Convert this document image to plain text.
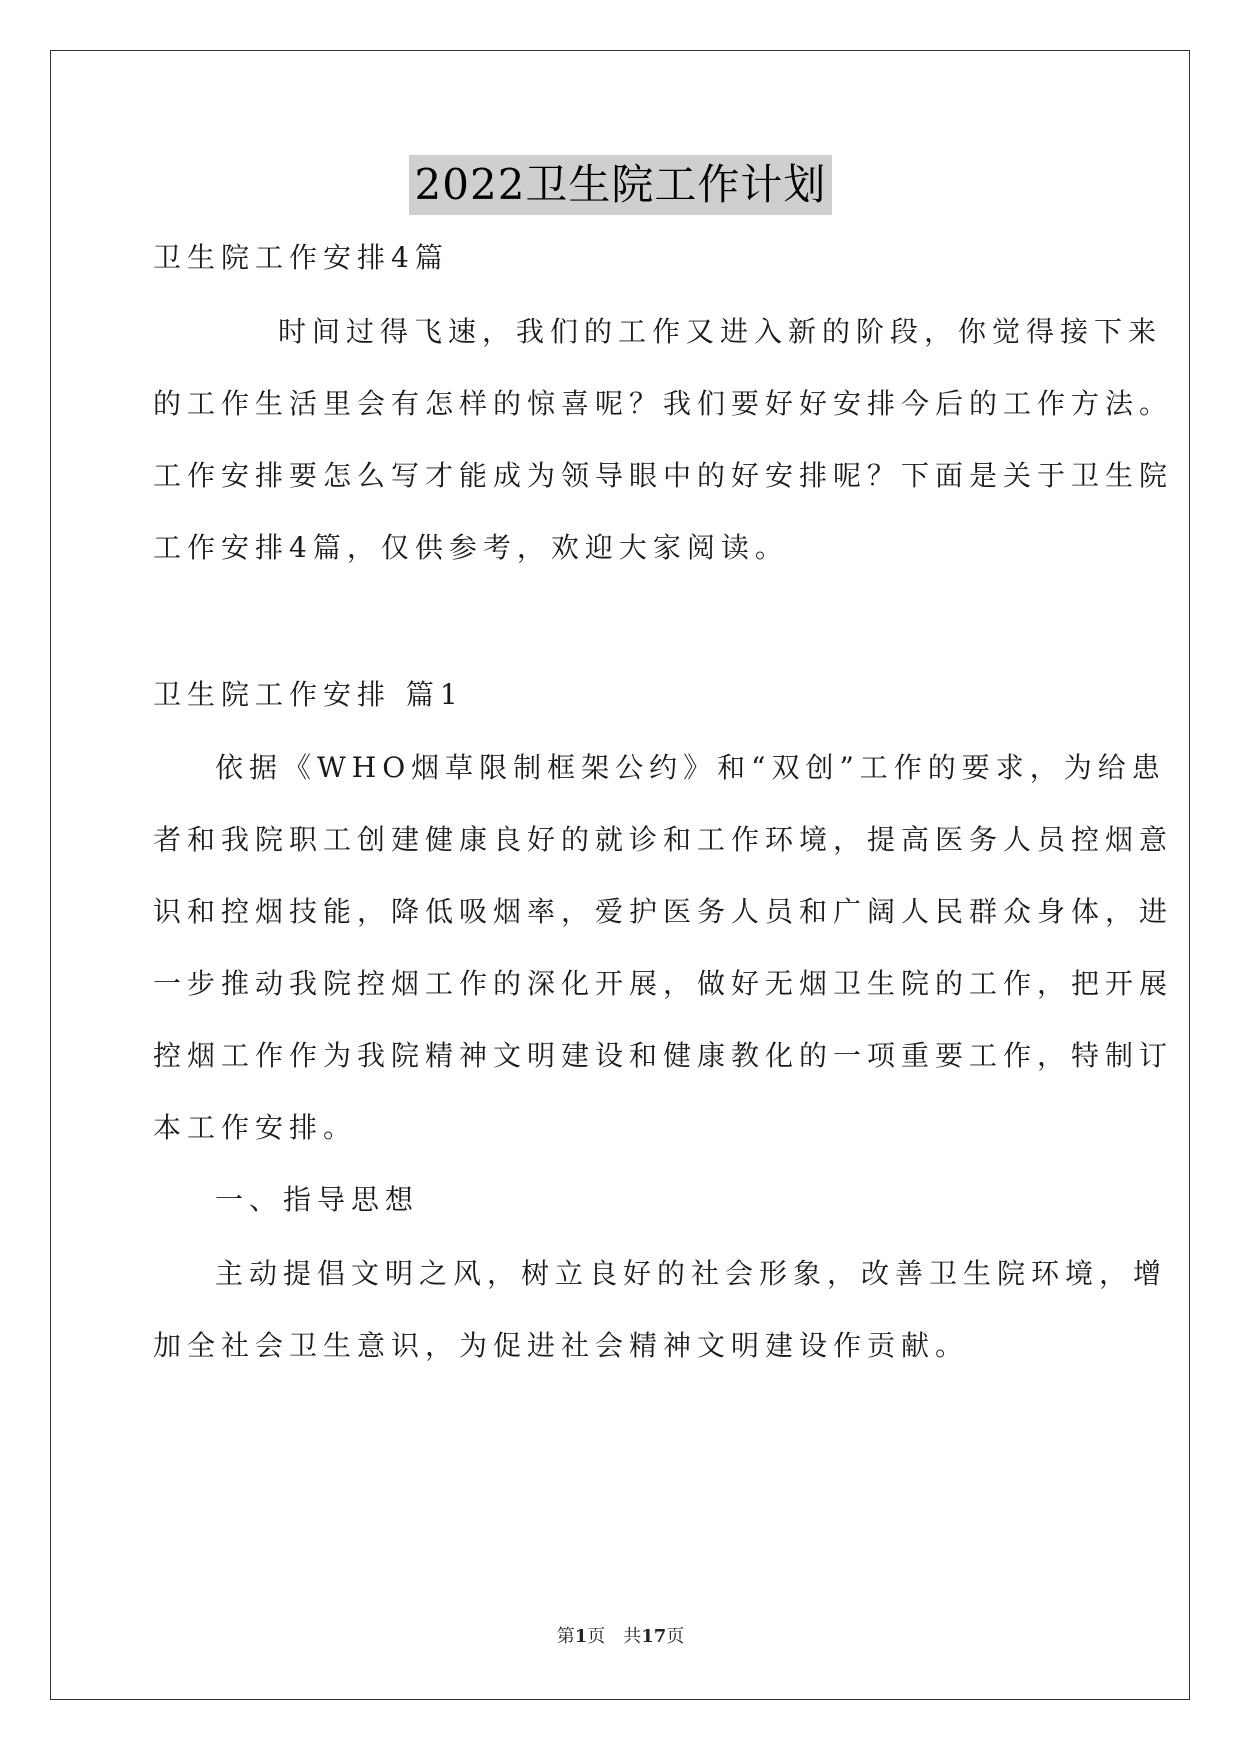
2022卫生院工作计划
卫生院工作安排4篇
时间过得飞速，我们的工作又进入新的阶段，你觉得接下来
的工作生活里会有怎样的惊喜呢？我们要好好安排今后的工作方法。
工作安排要怎么写才能成为领导眼中的好安排呢？下面是关于卫生院
工作安排4篇，仅供参考，欢迎大家阅读。
卫生院工作安排 篇1
依据《WHO烟草限制框架公约》和“双创”工作的要求，为给患
者和我院职工创建健康良好的就诊和工作环境，提高医务人员控烟意
识和控烟技能，降低吸烟率，爱护医务人员和广阔人民群众身体，进
一步推动我院控烟工作的深化开展，做好无烟卫生院的工作，把开展
控烟工作作为我院精神文明建设和健康教化的一项重要工作，特制订
本工作安排。
一、指导思想
主动提倡文明之风，树立良好的社会形象，改善卫生院环境，增
加全社会卫生意识，为促进社会精神文明建设作贡献。
第1页　共17页
